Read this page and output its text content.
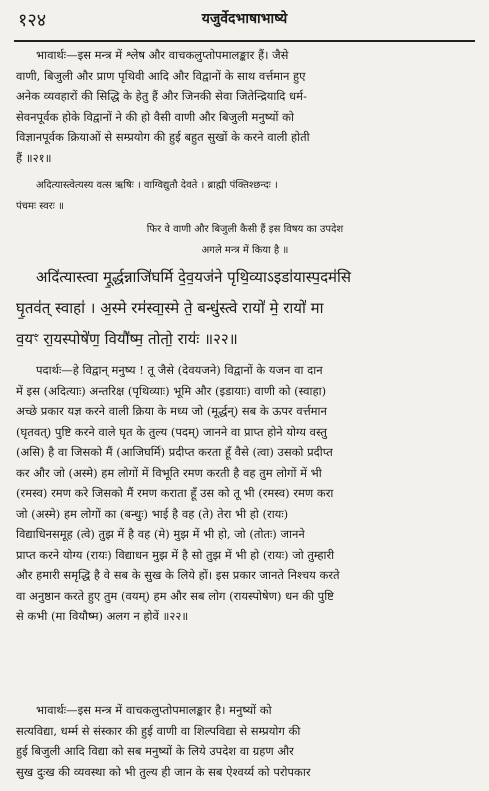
१२४	यजुर्वेदभाषाभाष्ये

भावार्थः—इस मन्त्र में श्लेष और वाचकलुप्तोपमालङ्कार हैं। जैसे

वाणी, बिजुली और प्राण पृथिवी आदि और विद्वानों के साथ वर्त्तमान हुए

अनेक व्यवहारों की सिद्धि के हेतु हैं और जिनकी सेवा जितेन्द्रियादि धर्म-

सेवनपूर्वक होके विद्वानों ने की हो वैसी वाणी और बिजुली मनुष्यों को

विज्ञानपूर्वक क्रियाओं से सम्प्रयोग की हुई बहुत सुखों के करने वाली होती

हैं ॥२१॥

अदित्यास्त्वेत्यस्य वत्स ऋषिः । वाग्विद्युतौ देवते । ब्राह्मी पंक्तिश्छन्दः ।

पंचमः स्वरः ॥

फिर वे वाणी और बिजुली कैसी हैं इस विषय का उपदेश

अगले मन्त्र में किया है ॥

अदि॑त्यास्त्वा मू॒र्द्धन्नाजि॑घर्मि दे॒व॒यज॑ने पृथि॒व्याऽइडा॑यास्प॒दम॑सि

घृ॒तव॑त् स्वाहा॑ । अ॒स्मे रम॑स्वा॒स्मे ते॒ बन्धु॑स्त्वे रायो॑ मे॒ रायो॑ मा

व॒यꣳ रा॒यस्पोषे॑ण॒ वियौ॑ष्म॒ तोतो॒ रायः॑ ॥२२॥

पदार्थः—हे विद्वान् मनुष्य ! तू जैसे (देवयजने) विद्वानों के यजन वा दान

में इस (अदित्याः) अन्तरिक्ष (पृथिव्याः) भूमि और (इडायाः) वाणी को (स्वाहा)

अच्छे प्रकार यज्ञ करने वाली क्रिया के मध्य जो (मूर्द्धन्) सब के ऊपर वर्त्तमान

(घृतवत्) पुष्टि करने वाले घृत के तुल्य (पदम्) जानने वा प्राप्त होने योग्य वस्तु

(असि) है वा जिसको मैं (आजिघर्मि) प्रदीप्त करता हूँ वैसे (त्वा) उसको प्रदीप्त

कर और जो (अस्मे) हम लोगों में विभूति रमण करती है वह तुम लोगों में भी

(रमस्व) रमण करे जिसको मैं रमण कराता हूँ उस को तू भी (रमस्व) रमण करा

जो (अस्मे) हम लोगों का (बन्धुः) भाई है वह (ते) तेरा भी हो (रायः)

विद्याधिनसमूह (त्वे) तुझ में है वह (मे) मुझ में भी हो, जो (तोतः) जानने

प्राप्त करने योग्य (रायः) विद्याधन मुझ में है सो तुझ में भी हो (रायः) जो तुम्हारी

और हमारी समृद्धि है वे सब के सुख के लिये हों। इस प्रकार जानते निश्चय करते

वा अनुष्ठान करते हुए तुम (वयम्) हम और सब लोग (रायस्पोषेण) धन की पुष्टि

से कभी (मा वियौष्म) अलग न होवें ॥२२॥

भावार्थः—इस मन्त्र में वाचकलुप्तोपमालङ्कार है। मनुष्यों को

सत्यविद्या, धर्म्म से संस्कार की हुई वाणी वा शिल्पविद्या से सम्प्रयोग की

हुई बिजुली आदि विद्या को सब मनुष्यों के लिये उपदेश वा ग्रहण और

सुख दुःख की व्यवस्था को भी तुल्य ही जान के सब ऐश्वर्य्य को परोपकार
